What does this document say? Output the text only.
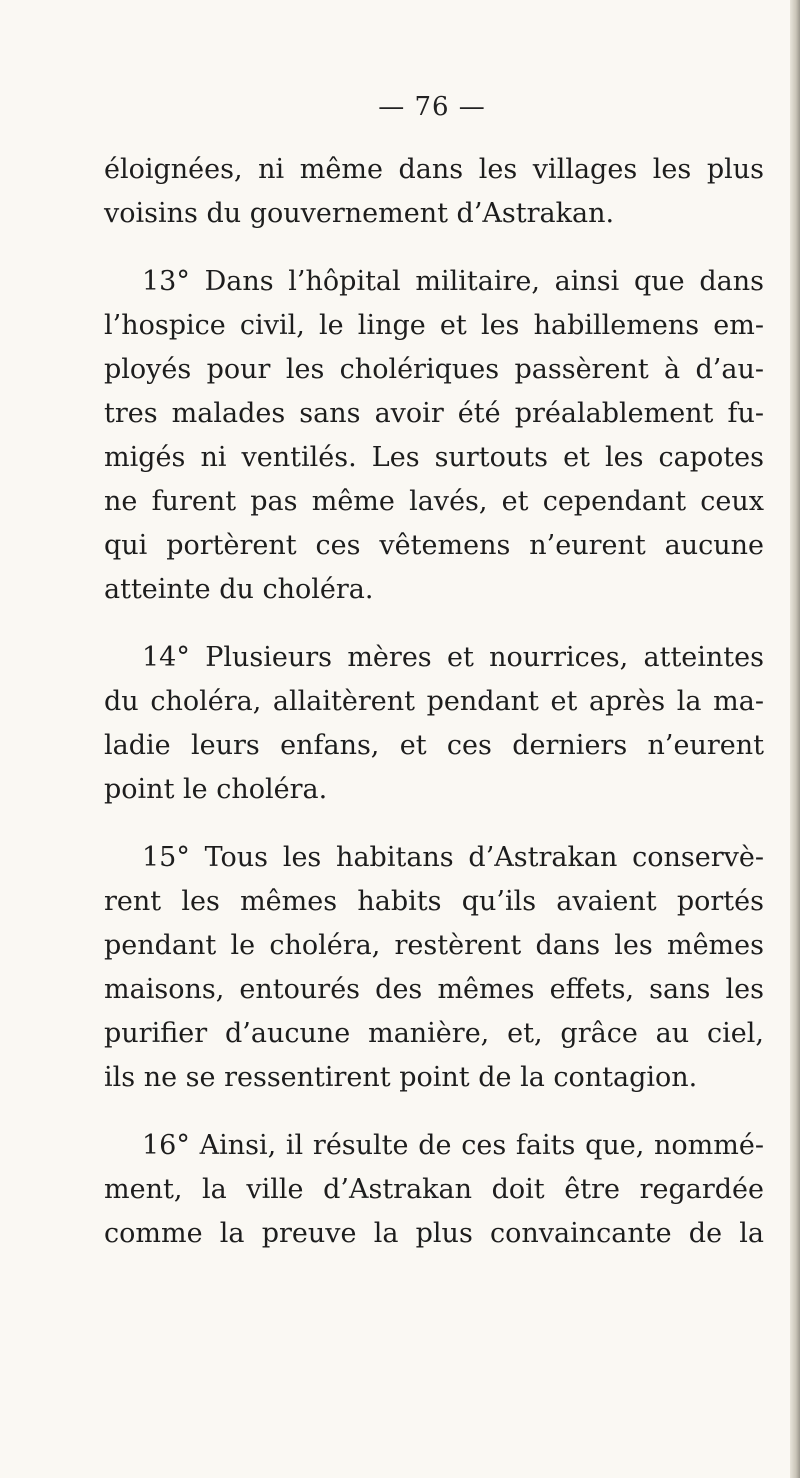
— 76 —
éloignées, ni même dans les villages les plus
voisins du gouvernement d’Astrakan.
13° Dans l’hôpital militaire, ainsi que dans
l’hospice civil, le linge et les habillemens em-
ployés pour les cholériques passèrent à d’au-
tres malades sans avoir été préalablement fu-
migés ni ventilés. Les surtouts et les capotes
ne furent pas même lavés, et cependant ceux
qui portèrent ces vêtemens n’eurent aucune
atteinte du choléra.
14° Plusieurs mères et nourrices, atteintes
du choléra, allaitèrent pendant et après la ma-
ladie leurs enfans, et ces derniers n’eurent
point le choléra.
15° Tous les habitans d’Astrakan conservè-
rent les mêmes habits qu’ils avaient portés
pendant le choléra, restèrent dans les mêmes
maisons, entourés des mêmes effets, sans les
purifier d’aucune manière, et, grâce au ciel,
ils ne se ressentirent point de la contagion.
16° Ainsi, il résulte de ces faits que, nommé-
ment, la ville d’Astrakan doit être regardée
comme la preuve la plus convaincante de la
